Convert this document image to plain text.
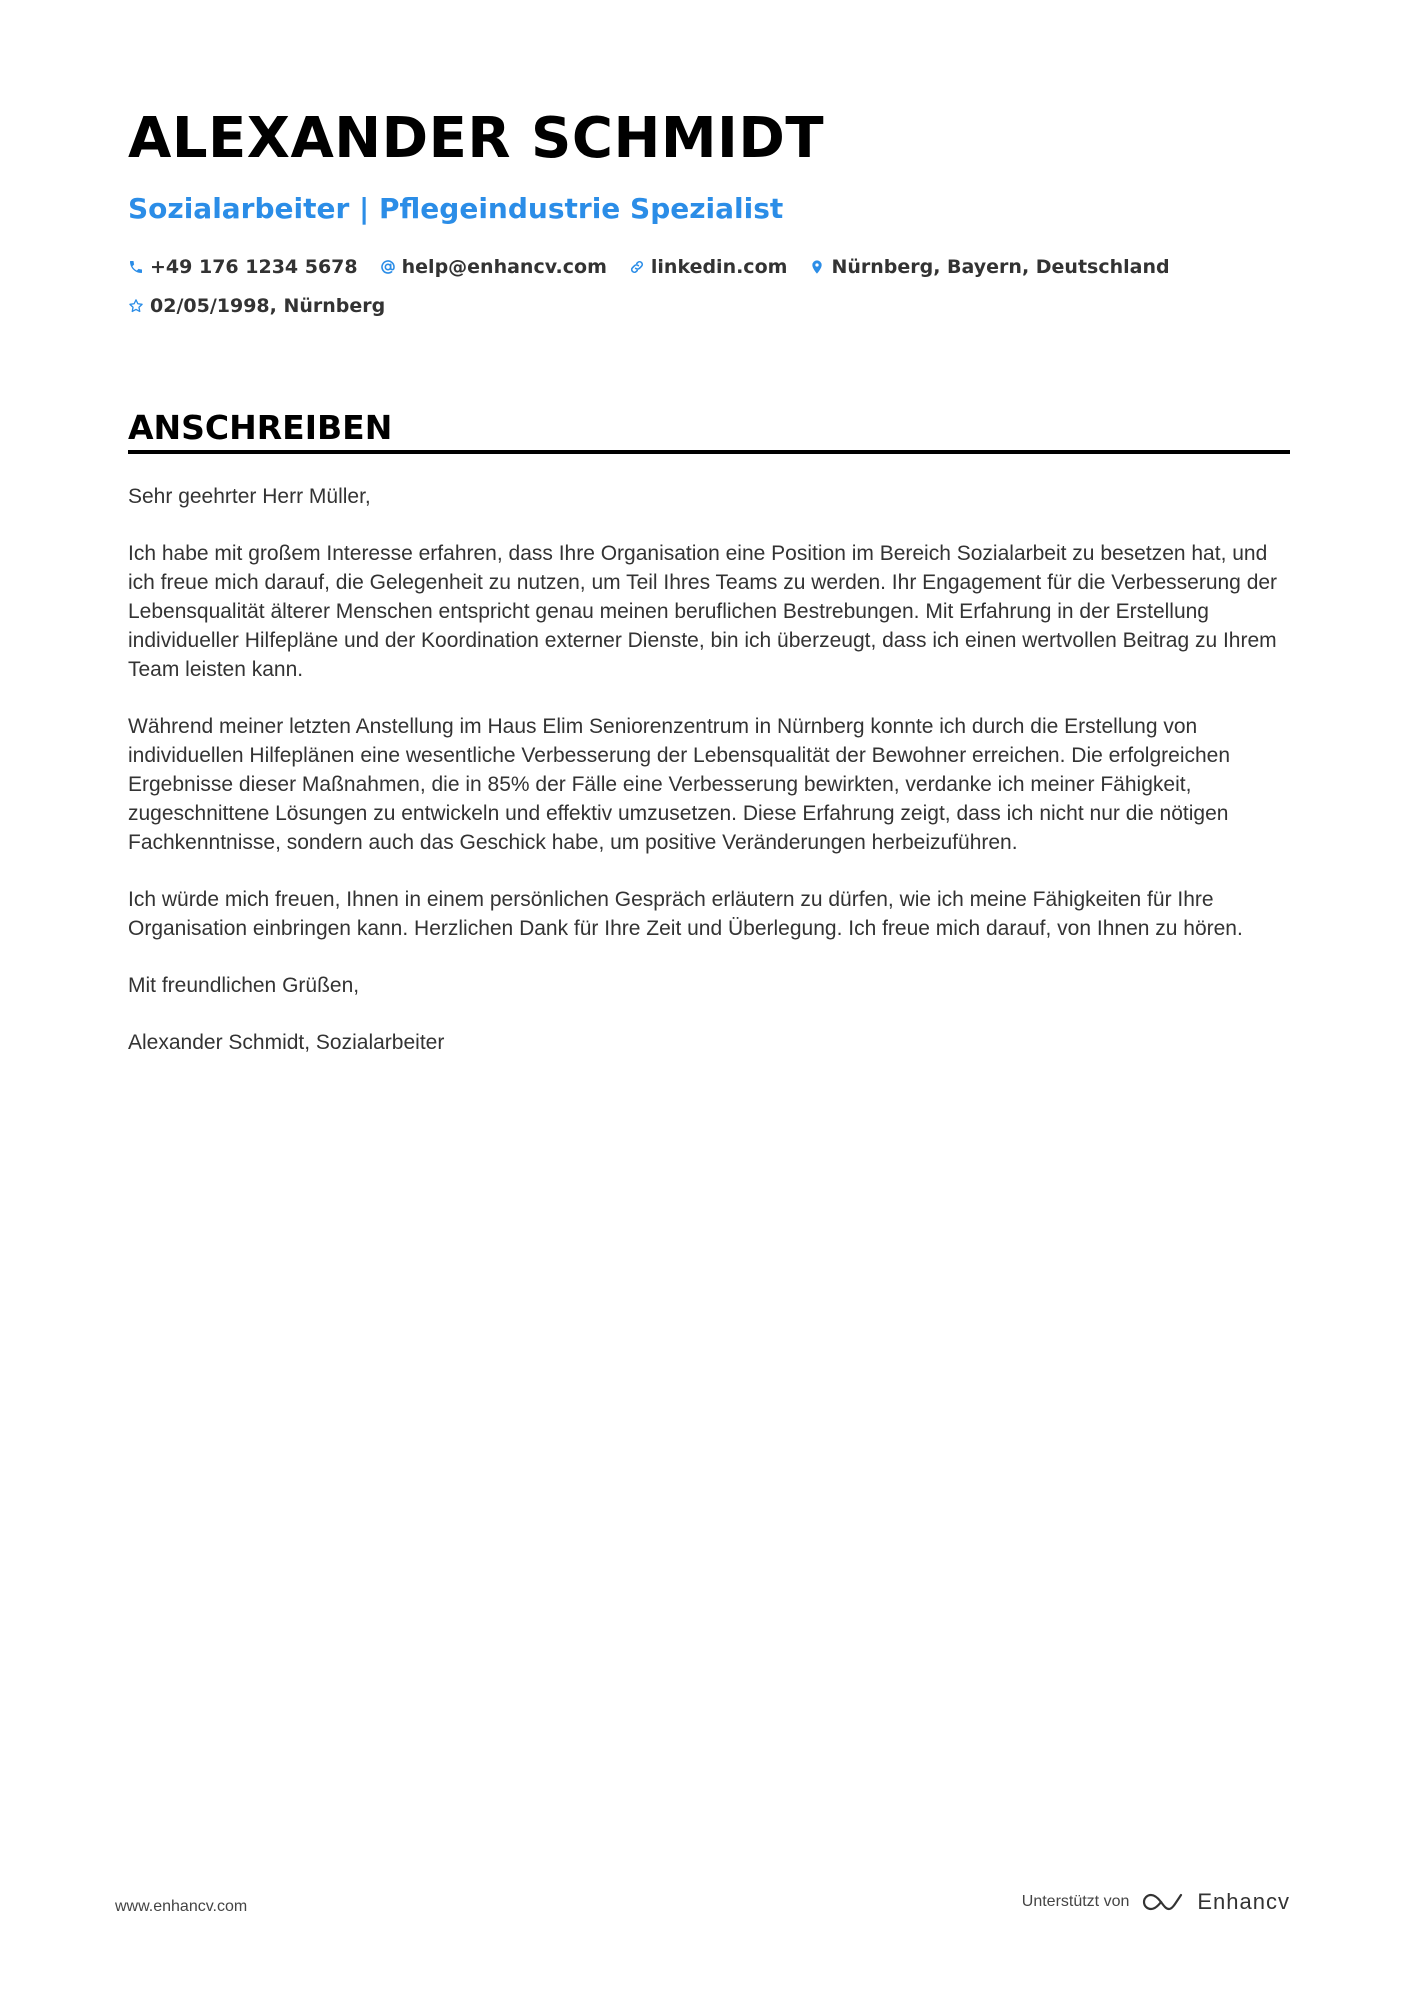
ALEXANDER SCHMIDT
Sozialarbeiter | Pflegeindustrie Spezialist
+49 176 1234 5678 help@enhancv.com linkedin.com Nürnberg, Bayern, Deutschland
02/05/1998, Nürnberg
ANSCHREIBEN

Sehr geehrter Herr Müller,

Ich habe mit großem Interesse erfahren, dass Ihre Organisation eine Position im Bereich Sozialarbeit zu besetzen hat, und ich freue mich darauf, die Gelegenheit zu nutzen, um Teil Ihres Teams zu werden. Ihr Engagement für die Verbesserung der Lebensqualität älterer Menschen entspricht genau meinen beruflichen Bestrebungen. Mit Erfahrung in der Erstellung individueller Hilfepläne und der Koordination externer Dienste, bin ich überzeugt, dass ich einen wertvollen Beitrag zu Ihrem Team leisten kann.

Während meiner letzten Anstellung im Haus Elim Seniorenzentrum in Nürnberg konnte ich durch die Erstellung von individuellen Hilfeplänen eine wesentliche Verbesserung der Lebensqualität der Bewohner erreichen. Die erfolgreichen Ergebnisse dieser Maßnahmen, die in 85% der Fälle eine Verbesserung bewirkten, verdanke ich meiner Fähigkeit, zugeschnittene Lösungen zu entwickeln und effektiv umzusetzen. Diese Erfahrung zeigt, dass ich nicht nur die nötigen Fachkenntnisse, sondern auch das Geschick habe, um positive Veränderungen herbeizuführen.

Ich würde mich freuen, Ihnen in einem persönlichen Gespräch erläutern zu dürfen, wie ich meine Fähigkeiten für Ihre Organisation einbringen kann. Herzlichen Dank für Ihre Zeit und Überlegung. Ich freue mich darauf, von Ihnen zu hören.

Mit freundlichen Grüßen,

Alexander Schmidt, Sozialarbeiter

www.enhancv.com	Unterstützt von	Enhancv
